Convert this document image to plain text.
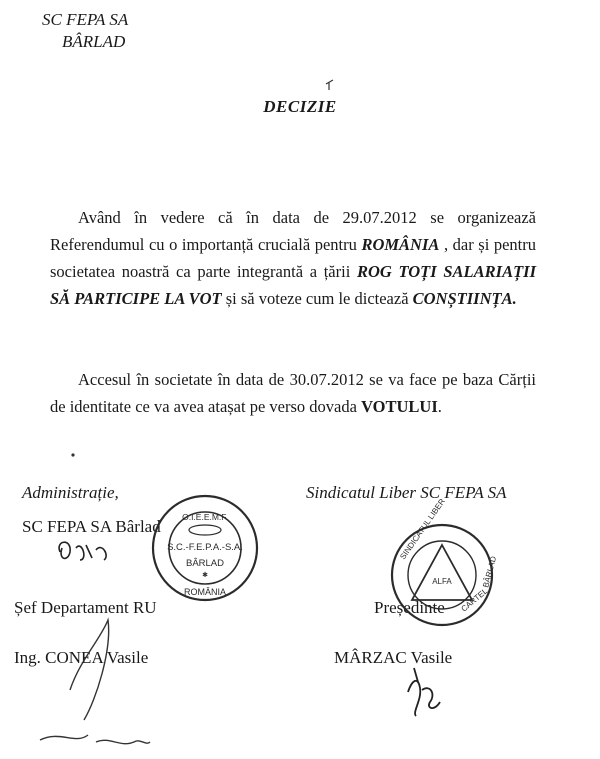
SC FEPA SA
BÂRLAD
DECIZIE
Având în vedere că în data de 29.07.2012 se organizează Referendumul cu o importanță crucială pentru ROMÂNIA , dar și pentru societatea noastră ca parte integrantă a țării ROG TOȚI SALARIAȚII SĂ PARTICIPE LA VOT și să voteze cum le dictează CONȘTIINȚA.
Accesul în societate în data de 30.07.2012 se va face pe baza Cărții de identitate ce va avea atașat pe verso dovada VOTULUI.
Administrație,
SC FEPA SA Bârlad
Șef Departament RU
Ing. CONEA Vasile
Sindicatul Liber SC FEPA SA
Președinte
MÂRZAC Vasile
O.I.E.E.M.F.
S.C.-F.E.P.A.-S.A.
BÂRLAD
✱
ROMÂNIA
ALFA
SINDICATUL LIBER
CARTEL
BÂRLAD
